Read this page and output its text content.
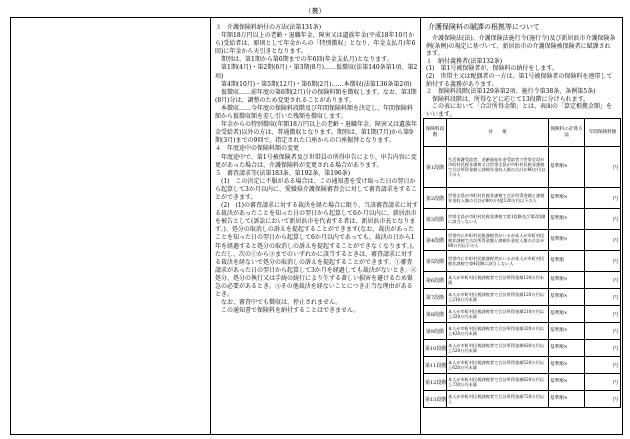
（裏）

３　介護保険料納付の方法(法第131条)

　年額18万円以上の老齢・退職年金、障害又は遺族年金(平成18年10月から)受給者は、原則として年金からの「特別徴収」となり、年金支払月(年6回)に年金から天引きとなります。
　期別は、第1期から第6期までの年6回(年金支払月)となります。

　第1期(4月)・第2期(6月)・第3期(8月)……仮徴収(法第140条第1項、第2項)
　第4期(10月)・第5期(12月)・第6期(2月)……本徴収(法第136条第2項)

　仮徴収……前年度の第6期(2月)分の保険料額を徴収します。なお、第3期(8月)分は、調整のため変更されることがあります。

　本徴収……今年度の保険料段階及び年間保険料額を決定し、年間保険料額から仮徴収額を差し引いた残額を徴収します。
　年金からの特別徴収(年額18万円以上の老齢・退職年金、障害又は遺族年金受給者)以外の方は、普通徴収となります。期別は、第1期(7月)から第9期(3月)までの9回で、指定された口座からの口座振替となります。

４　年度途中の保険料額の変更
　年度途中で、第1号被保険者及び世帯員の所得申告により、申告内容に変更があった場合は、介護保険料が変更される場合があります。

５　審査請求等(法第183条、第192条、第196条)

　(1)　この決定に不服がある場合は、この通知書を受け取った日の翌日から起算して3か月以内に、愛媛県介護保険審査会に対して審査請求をすることができます。

　(2)　(1)の審査請求に対する裁決を経た場合に限り、当該審査請求に対する裁決があったことを知った日の翌日から起算して6か月以内に、新居浜市を被告として(訴訟において新居浜市を代表する者は、新居浜市長となります。)、処分の取消しの訴えを提起することができます(なお、裁決があったことを知った日の翌日から起算して6か月以内であっても、裁決の日から1年を経過すると処分の取消しの訴えを提起することができなくなります。)。ただし、次の①から③までのいずれかに該当するときは、審査請求に対する裁決を経ないで処分の取消しの訴えを提起することができます。①審査請求があった日の翌日から起算して3か月を経過しても裁決がないとき。②処分、処分の執行又は手続の続行により生ずる著しい損害を避けるため緊急の必要があるとき。③その他裁決を経ないことにつき正当な理由があるとき。
　なお、審査中でも徴収は、停止されません。
　この通知書で保険料を納付することはできません。

介護保険料の賦課の根拠等について

　介護保険法(法)、介護保険法施行令(施行令)及び新居浜市介護保険条例(条例)の規定に基づいて、新居浜市の介護保険被保険者に賦課されます。

１　納付義務者(法第132条)

(1)　第1号被保険者が、保険料の納付をします。

(2)　世帯主又は配偶者の一方は、第1号被保険者の保険料を連帯して納付する義務があります。

２　保険料段階(法第129条第2項、施行令第38条、条例第5条)
　保険料段階は、所得などに応じて13段階に分けられます。
　この表において「合計所得金額」とは、表面の「算定根拠金額」をいいます。

保険料段階	対　　象	保険料の計算方法	年間保険料額
第1段階	生活保護受給者、老齢福祉年金受給者で世帯全員が市町村民税非課税又は世帯全員が市町村民税非課税で合計所得金額と課税年金収入額の合計が80万円以下の人	基準額×	円
第2段階	世帯全員が市町村民税非課税で合計所得金額と課税年金収入額の合計が80万円超120万円以下の人	基準額×	円
第3段階	世帯全員が市町村民税非課税で第1段階及び第2段階に該当しない人	基準額×	円
第4段階	世帯内に市町村民税課税者がいるが本人が市町村民税非課税で合計所得金額と課税年金収入額の合計が80万円以下の人	基準額×	円
第5段階	世帯内に市町村民税課税者がいるが本人が市町村民税非課税で第4段階に該当しない人	基準額	円
第6段階	本人が市町村民税課税者で合計所得金額120万円未満	基準額×	円
第7段階	本人が市町村民税課税者で合計所得金額120万円以上210万円未満	基準額×	円
第8段階	本人が市町村民税課税者で合計所得金額210万円以上320万円未満	基準額×	円
第9段階	本人が市町村民税課税者で合計所得金額320万円以上420万円未満	基準額×	円
第10段階	本人が市町村民税課税者で合計所得金額420万円以上520万円未満	基準額×	円
第11段階	本人が市町村民税課税者で合計所得金額520万円以上620万円未満	基準額×	円
第12段階	本人が市町村民税課税者で合計所得金額620万円以上720万円未満	基準額×	円
第13段階	本人が市町村民税課税者で合計所得金額720万円以上	基準額×	円
